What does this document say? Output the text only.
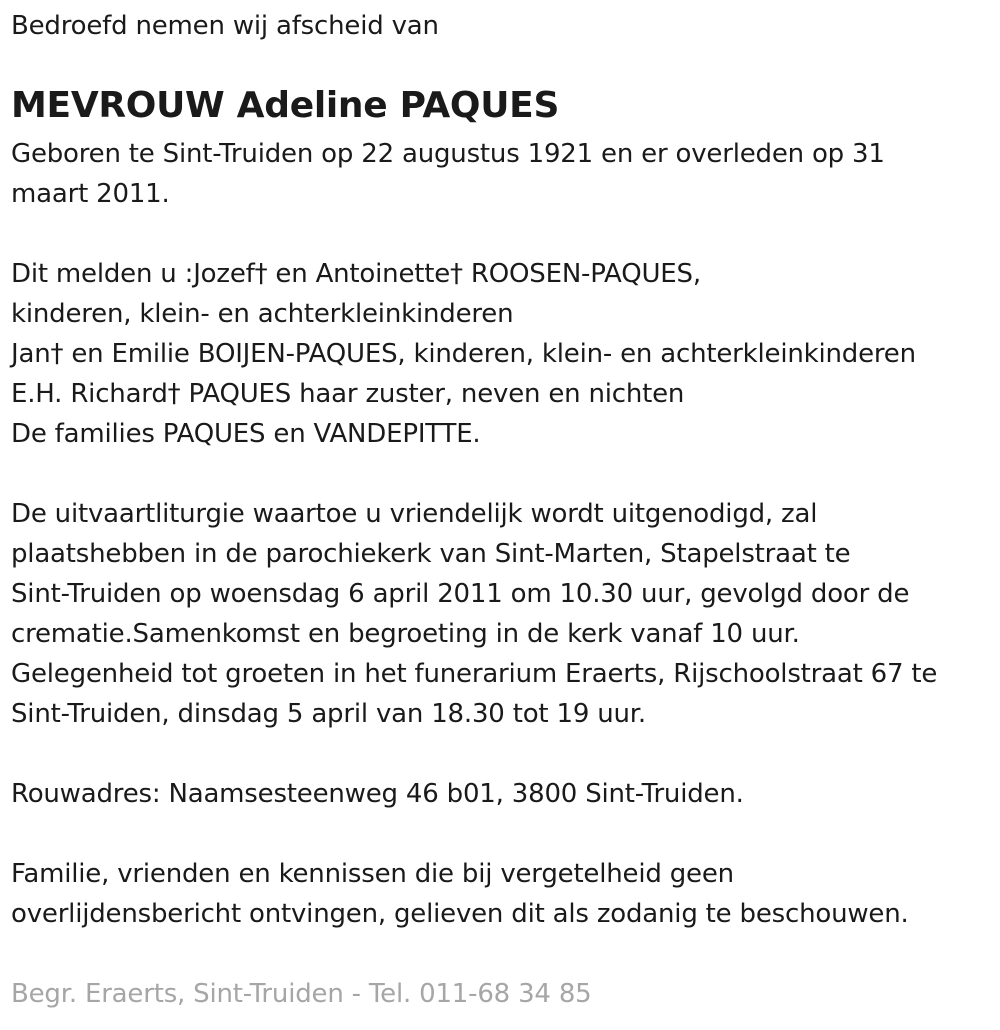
Bedroefd nemen wij afscheid van
MEVROUW Adeline PAQUES
Geboren te Sint-Truiden op 22 augustus 1921 en er overleden op 31
maart 2011.
Dit melden u :Jozef† en Antoinette† ROOSEN-PAQUES,
kinderen, klein- en achterkleinkinderen
Jan† en Emilie BOIJEN-PAQUES, kinderen, klein- en achterkleinkinderen
E.H. Richard† PAQUES haar zuster, neven en nichten
De families PAQUES en VANDEPITTE.
De uitvaartliturgie waartoe u vriendelijk wordt uitgenodigd, zal
plaatshebben in de parochiekerk van Sint-Marten, Stapelstraat te
Sint-Truiden op woensdag 6 april 2011 om 10.30 uur, gevolgd door de
crematie.Samenkomst en begroeting in de kerk vanaf 10 uur.
Gelegenheid tot groeten in het funerarium Eraerts, Rijschoolstraat 67 te
Sint-Truiden, dinsdag 5 april van 18.30 tot 19 uur.
Rouwadres: Naamsesteenweg 46 b01, 3800 Sint-Truiden.
Familie, vrienden en kennissen die bij vergetelheid geen
overlijdensbericht ontvingen, gelieven dit als zodanig te beschouwen.
Begr. Eraerts, Sint-Truiden - Tel. 011-68 34 85
